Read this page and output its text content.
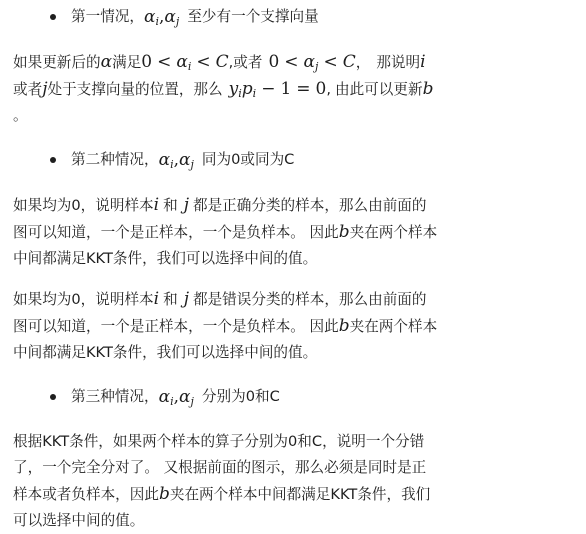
第一情况， $\alpha_i$ , $\alpha_j$ 至少有一个支撑向量

如果更新后的α满足$0 < \alpha_i < C$,或者 $0 < \alpha_j < C$， 那说明i

或者j处于支撑向量的位置，那么 $y_ip_i - 1 = 0$, 由此可以更新b

。

第二种情况， $\alpha_i$ , $\alpha_j$ 同为0或同为C

如果均为0，说明样本i 和 j 都是正确分类的样本，那么由前面的

图可以知道，一个是正样本，一个是负样本。 因此b夹在两个样本

中间都满足KKT条件，我们可以选择中间的值。

如果均为0，说明样本i 和 j 都是错误分类的样本，那么由前面的

图可以知道，一个是正样本，一个是负样本。 因此b夹在两个样本

中间都满足KKT条件，我们可以选择中间的值。

第三种情况， $\alpha_i$ , $\alpha_j$ 分别为0和C

根据KKT条件，如果两个样本的算子分别为0和C，说明一个分错

了，一个完全分对了。 又根据前面的图示，那么必须是同时是正

样本或者负样本，因此b夹在两个样本中间都满足KKT条件，我们

可以选择中间的值。
